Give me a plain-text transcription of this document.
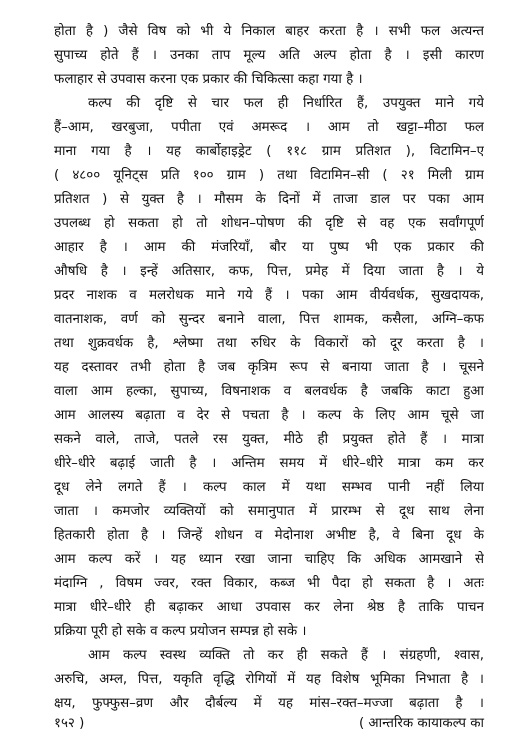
होता है ) जैसे विष को भी ये निकाल बाहर करता है । सभी फल अत्यन्त
सुपाच्य होते हैं । उनका ताप मूल्य अति अल्प होता है । इसी कारण
फलाहार से उपवास करना एक प्रकार की चिकित्सा कहा गया है ।
कल्प की दृष्टि से चार फल ही निर्धारित हैं, उपयुक्त माने गये
हैं–आम, खरबुजा, पपीता एवं अमरूद । आम तो खट्टा–मीठा फल
माना गया है । यह कार्बोहाइड्रेट ( ११८ ग्राम प्रतिशत ), विटामिन–ए
( ४८०० यूनिट्स प्रति १०० ग्राम ) तथा विटामिन–सी ( २१ मिली ग्राम
प्रतिशत ) से युक्त है । मौसम के दिनों में ताजा डाल पर पका आम
उपलब्ध हो सकता हो तो शोधन–पोषण की दृष्टि से वह एक सर्वांगपूर्ण
आहार है । आम की मंजरियाँ, बौर या पुष्प भी एक प्रकार की
औषधि है । इन्हें अतिसार, कफ, पित्त, प्रमेह में दिया जाता है । ये
प्रदर नाशक व मलरोधक माने गये हैं । पका आम वीर्यवर्धक, सुखदायक,
वातनाशक, वर्ण को सुन्दर बनाने वाला, पित्त शामक, कसैला, अग्नि–कफ
तथा शुक्रवर्धक है, श्लेष्मा तथा रुधिर के विकारों को दूर करता है ।
यह दस्तावर तभी होता है जब कृत्रिम रूप से बनाया जाता है । चूसने
वाला आम हल्का, सुपाच्य, विषनाशक व बलवर्धक है जबकि काटा हुआ
आम आलस्य बढ़ाता व देर से पचता है । कल्प के लिए आम चूसे जा
सकने वाले, ताजे, पतले रस युक्त, मीठे ही प्रयुक्त होते हैं । मात्रा
धीरे–धीरे बढ़ाई जाती है । अन्तिम समय में धीरे–धीरे मात्रा कम कर
दूध लेने लगते हैं । कल्प काल में यथा सम्भव पानी नहीं लिया
जाता । कमजोर व्यक्तियों को समानुपात में प्रारम्भ से दूध साथ लेना
हितकारी होता है । जिन्हें शोधन व मेदोनाश अभीष्ट है, वे बिना दूध के
आम कल्प करें । यह ध्यान रखा जाना चाहिए कि अधिक आमखाने से
मंदाग्नि , विषम ज्वर, रक्त विकार, कब्ज भी पैदा हो सकता है । अतः
मात्रा धीरे–धीरे ही बढ़ाकर आधा उपवास कर लेना श्रेष्ठ है ताकि पाचन
प्रक्रिया पूरी हो सके व कल्प प्रयोजन सम्पन्न हो सके ।
आम कल्प स्वस्थ व्यक्ति तो कर ही सकते हैं । संग्रहणी, श्वास,
अरुचि, अम्ल, पित्त, यकृति वृद्धि रोगियों में यह विशेष भूमिका निभाता है ।
क्षय, फुफ्फुस–व्रण और दौर्बल्य में यह मांस–रक्त–मज्जा बढ़ाता है ।
१५२ )	( आन्तरिक कायाकल्प का
